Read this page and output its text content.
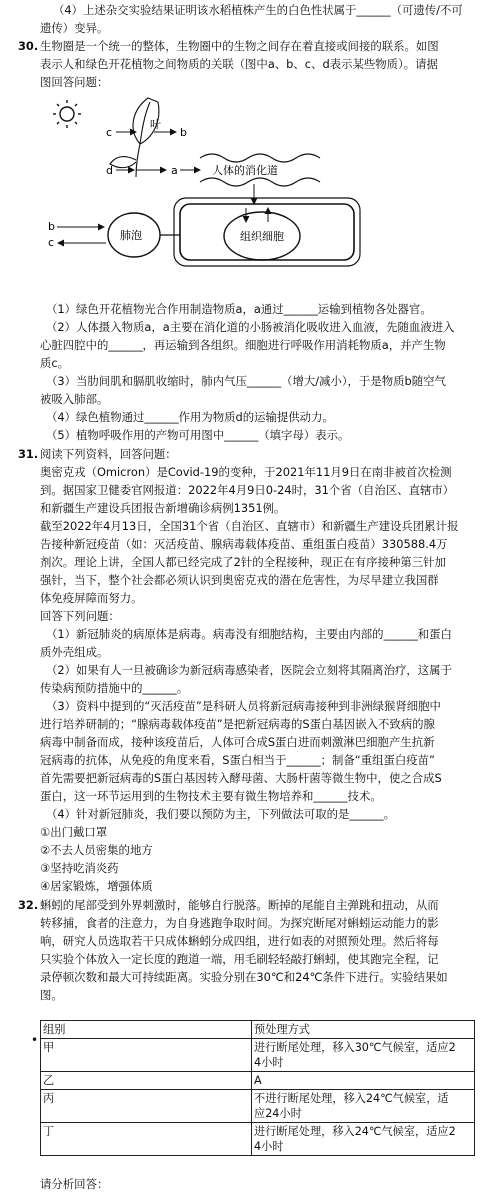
（4）上述杂交实验结果证明该水稻植株产生的白色性状属于______（可遗传/不可
遗传）变异。
30. 生物圈是一个统一的整体，生物圈中的生物之间存在着直接或间接的联系。如图
表示人和绿色开花植物之间物质的关联（图中a、b、c、d表示某些物质）。请据
图回答问题：
叶
c	b
d	a	人体的消化道
肺泡
b
c	组织细胞
（1）绿色开花植物光合作用制造物质a，a通过______运输到植物各处器官。
（2）人体摄入物质a，a主要在消化道的小肠被消化吸收进入血液，先随血液进入
心脏四腔中的______，再运输到各组织。细胞进行呼吸作用消耗物质a，并产生物
质c。
（3）当肋间肌和膈肌收缩时，肺内气压______（增大/减小），于是物质b随空气
被吸入肺部。
（4）绿色植物通过______作用为物质d的运输提供动力。
（5）植物呼吸作用的产物可用图中______（填字母）表示。
31. 阅读下列资料，回答问题：
奥密克戎（Omicron）是Covid-19的变种，于2021年11月9日在南非被首次检测
到。据国家卫健委官网报道：2022年4月9日0-24时，31个省（自治区、直辖市）
和新疆生产建设兵团报告新增确诊病例1351例。
截至2022年4月13日，全国31个省（自治区、直辖市）和新疆生产建设兵团累计报
告接种新冠疫苗（如：灭活疫苗、腺病毒载体疫苗、重组蛋白疫苗）330588.4万
剂次。理论上讲，全国人都已经完成了2针的全程接种，现正在有序接种第三针加
强针，当下，整个社会都必须认识到奥密克戎的潜在危害性，为尽早建立我国群
体免疫屏障而努力。
回答下列问题：
（1）新冠肺炎的病原体是病毒。病毒没有细胞结构，主要由内部的______和蛋白
质外壳组成。
（2）如果有人一旦被确诊为新冠病毒感染者，医院会立刻将其隔离治疗，这属于
传染病预防措施中的______。
（3）资料中提到的“灭活疫苗”是科研人员将新冠病毒接种到非洲绿猴肾细胞中
进行培养研制的；“腺病毒载体疫苗”是把新冠病毒的S蛋白基因嵌入不致病的腺
病毒中制备而成，接种该疫苗后，人体可合成S蛋白进而刺激淋巴细胞产生抗新
冠病毒的抗体，从免疫的角度来看，S蛋白相当于______；制备“重组蛋白疫苗”
首先需要把新冠病毒的S蛋白基因转入酵母菌、大肠杆菌等微生物中，使之合成S
蛋白，这一环节运用到的生物技术主要有微生物培养和______技术。
（4）针对新冠肺炎，我们要以预防为主，下列做法可取的是______。
①出门戴口罩
②不去人员密集的地方
③坚持吃消炎药
④居家锻炼，增强体质
32. 蝌蚓的尾部受到外界刺激时，能够自行脱落。断掉的尾能自主弹跳和扭动，从而
转移捕，食者的注意力，为自身逃跑争取时间。为探究断尾对蝌蚓运动能力的影
响，研究人员选取若干只成体蝌蚓分成四组，进行如表的对照预处理。然后将每
只实验个体放入一定长度的跑道一端，用毛刷轻轻敲打蝌蚓，使其跑完全程，记
录停顿次数和最大可持续距离。实验分别在30℃和24℃条件下进行。实验结果如
图。
•
组别	预处理方式
甲	进行断尾处理，移入30℃气候室，适应2
4小时

乙	A

丙	不进行断尾处理，移入24℃气候室，适
应24小时

丁	进行断尾处理，移入24℃气候室，适应2
4小时
请分析回答：
